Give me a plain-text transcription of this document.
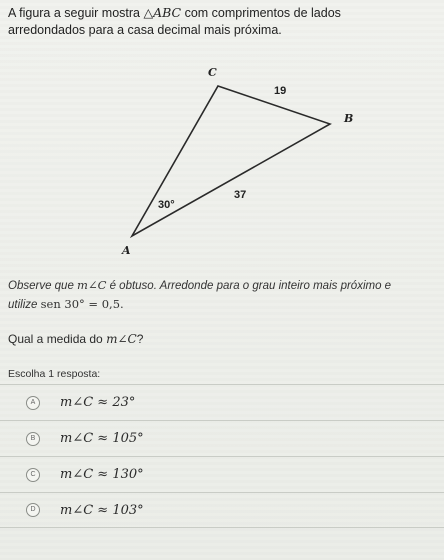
A figura a seguir mostra △ABC com comprimentos de lados
arredondados para a casa decimal mais próxima.
C
B
A
19
37
30°
Observe que m∠C é obtuso. Arredonde para o grau inteiro mais próximo e
utilize sen 30° = 0,5.
Qual a medida do m∠C?
Escolha 1 resposta:
A	m∠C ≈ 23°
B	m∠C ≈ 105°
C	m∠C ≈ 130°
D	m∠C ≈ 103°
